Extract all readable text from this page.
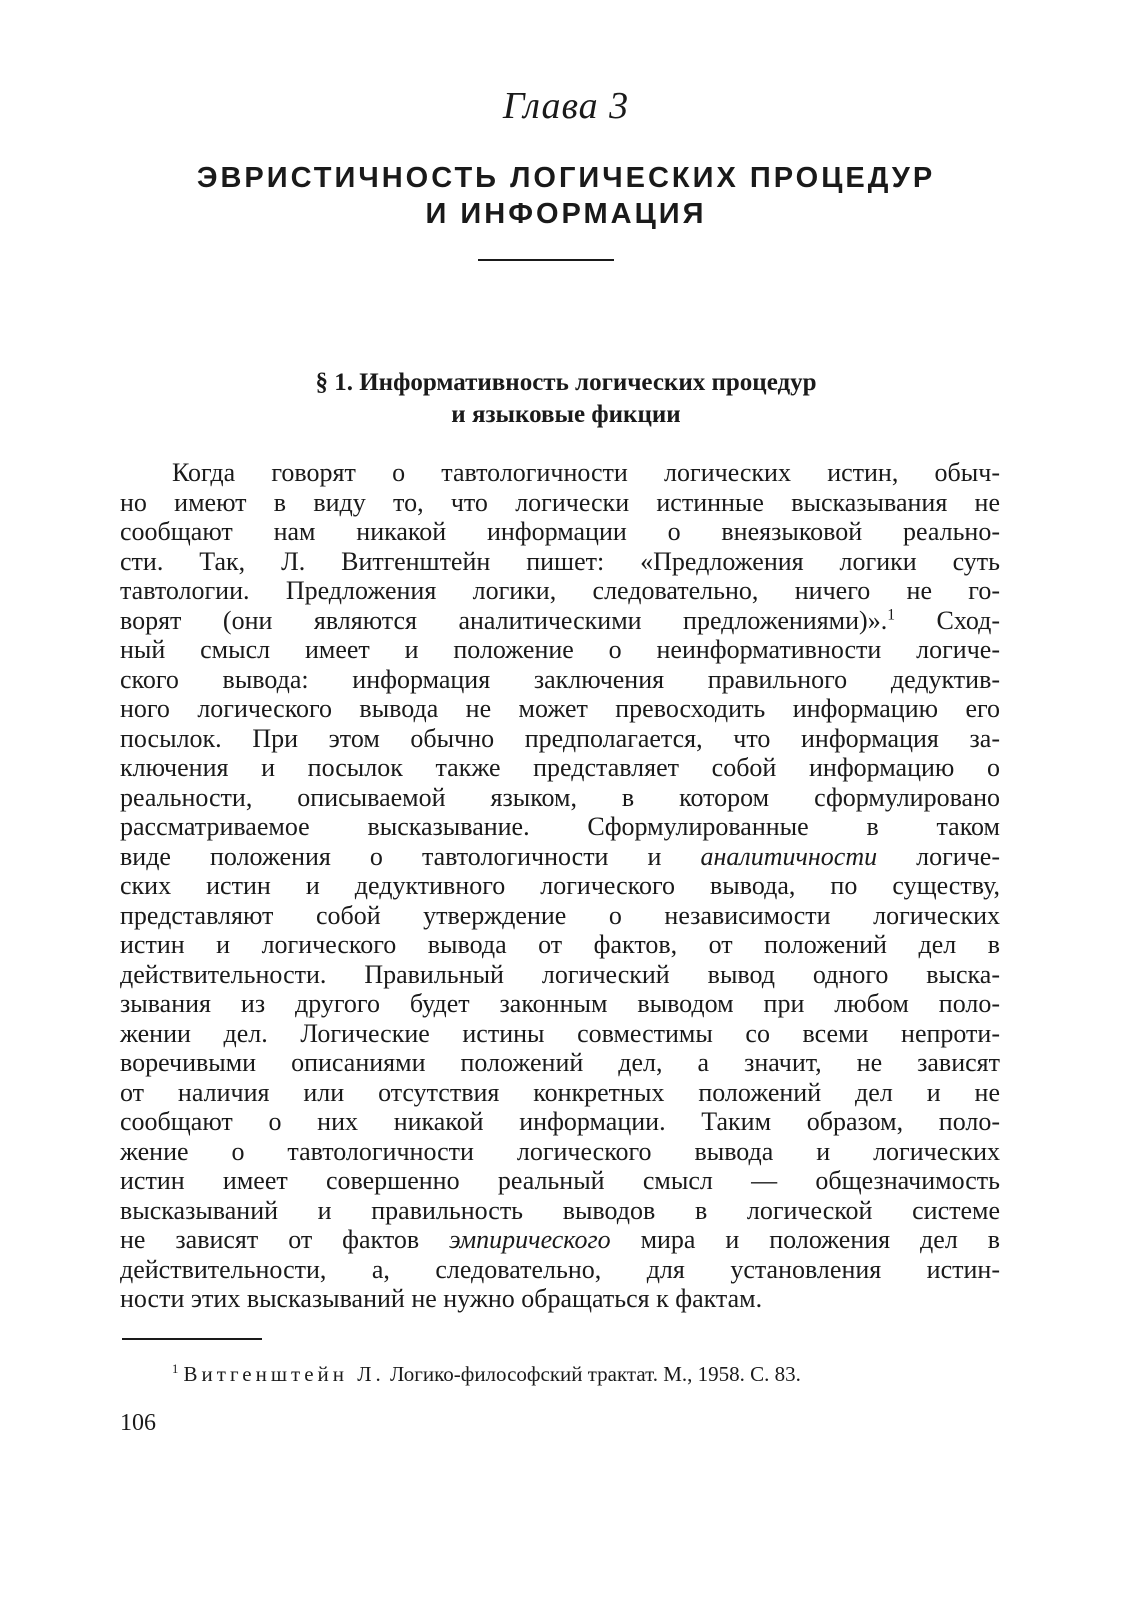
Глава 3
ЭВРИСТИЧНОСТЬ ЛОГИЧЕСКИХ ПРОЦЕДУР
И ИНФОРМАЦИЯ
§ 1. Информативность логических процедур
и языковые фикции
Когда говорят о тавтологичности логических истин, обыч-
но имеют в виду то, что логически истинные высказывания не
сообщают нам никакой информации о внеязыковой реально-
сти. Так, Л. Витгенштейн пишет: «Предложения логики суть
тавтологии. Предложения логики, следовательно, ничего не го-
ворят (они являются аналитическими предложениями)».$^1$ Сход-
ный смысл имеет и положение о неинформативности логиче-
ского вывода: информация заключения правильного дедуктив-
ного логического вывода не может превосходить информацию его
посылок. При этом обычно предполагается, что информация за-
ключения и посылок также представляет собой информацию о
реальности, описываемой языком, в котором сформулировано
рассматриваемое высказывание. Сформулированные в таком
виде положения о тавтологичности и аналитичности логиче-
ских истин и дедуктивного логического вывода, по существу,
представляют собой утверждение о независимости логических
истин и логического вывода от фактов, от положений дел в
действительности. Правильный логический вывод одного выска-
зывания из другого будет законным выводом при любом поло-
жении дел. Логические истины совместимы со всеми непроти-
воречивыми описаниями положений дел, а значит, не зависят
от наличия или отсутствия конкретных положений дел и не
сообщают о них никакой информации. Таким образом, поло-
жение о тавтологичности логического вывода и логических
истин имеет совершенно реальный смысл — общезначимость
высказываний и правильность выводов в логической системе
не зависят от фактов эмпирического мира и положения дел в
действительности, а, следовательно, для установления истин-
ности этих высказываний не нужно обращаться к фактам.
$^1$ Витгенштейн Л. Логико-философский трактат. М., 1958. С. 83.
106
